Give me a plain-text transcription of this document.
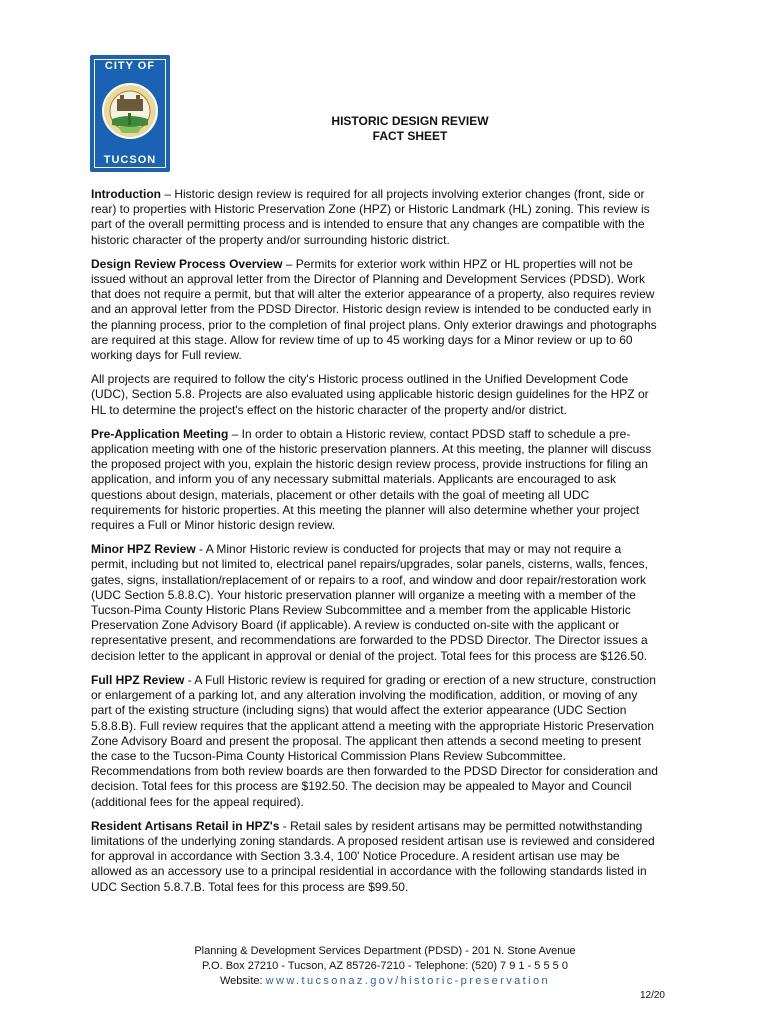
CITY OF
TUCSON
HISTORIC DESIGN REVIEW
FACT SHEET

Introduction – Historic design review is required for all projects involving exterior changes (front, side or rear) to properties with Historic Preservation Zone (HPZ) or Historic Landmark (HL) zoning. This review is part of the overall permitting process and is intended to ensure that any changes are compatible with the historic character of the property and/or surrounding historic district.

Design Review Process Overview – Permits for exterior work within HPZ or HL properties will not be issued without an approval letter from the Director of Planning and Development Services (PDSD). Work that does not require a permit, but that will alter the exterior appearance of a property, also requires review and an approval letter from the PDSD Director. Historic design review is intended to be conducted early in the planning process, prior to the completion of final project plans. Only exterior drawings and photographs are required at this stage. Allow for review time of up to 45 working days for a Minor review or up to 60 working days for Full review.

All projects are required to follow the city's Historic process outlined in the Unified Development Code (UDC), Section 5.8. Projects are also evaluated using applicable historic design guidelines for the HPZ or HL to determine the project's effect on the historic character of the property and/or district.

Pre-Application Meeting – In order to obtain a Historic review, contact PDSD staff to schedule a pre-application meeting with one of the historic preservation planners. At this meeting, the planner will discuss the proposed project with you, explain the historic design review process, provide instructions for filing an application, and inform you of any necessary submittal materials. Applicants are encouraged to ask questions about design, materials, placement or other details with the goal of meeting all UDC requirements for historic properties. At this meeting the planner will also determine whether your project requires a Full or Minor historic design review.

Minor HPZ Review - A Minor Historic review is conducted for projects that may or may not require a permit, including but not limited to, electrical panel repairs/upgrades, solar panels, cisterns, walls, fences, gates, signs, installation/replacement of or repairs to a roof, and window and door repair/restoration work (UDC Section 5.8.8.C). Your historic preservation planner will organize a meeting with a member of the Tucson-Pima County Historic Plans Review Subcommittee and a member from the applicable Historic Preservation Zone Advisory Board (if applicable). A review is conducted on-site with the applicant or representative present, and recommendations are forwarded to the PDSD Director. The Director issues a decision letter to the applicant in approval or denial of the project. Total fees for this process are $126.50.

Full HPZ Review - A Full Historic review is required for grading or erection of a new structure, construction or enlargement of a parking lot, and any alteration involving the modification, addition, or moving of any part of the existing structure (including signs) that would affect the exterior appearance (UDC Section 5.8.8.B). Full review requires that the applicant attend a meeting with the appropriate Historic Preservation Zone Advisory Board and present the proposal. The applicant then attends a second meeting to present the case to the Tucson-Pima County Historical Commission Plans Review Subcommittee. Recommendations from both review boards are then forwarded to the PDSD Director for consideration and decision. Total fees for this process are $192.50. The decision may be appealed to Mayor and Council (additional fees for the appeal required).

Resident Artisans Retail in HPZ's - Retail sales by resident artisans may be permitted notwithstanding limitations of the underlying zoning standards. A proposed resident artisan use is reviewed and considered for approval in accordance with Section 3.3.4, 100' Notice Procedure. A resident artisan use may be allowed as an accessory use to a principal residential in accordance with the following standards listed in UDC Section 5.8.7.B. Total fees for this process are $99.50.

Planning & Development Services Department (PDSD) - 201 N. Stone Avenue
P.O. Box 27210 - Tucson, AZ 85726-7210 - Telephone: (520) 7 9 1 - 5 5 5 0
Website: www.tucsonaz.gov/historic-preservation
12/20
